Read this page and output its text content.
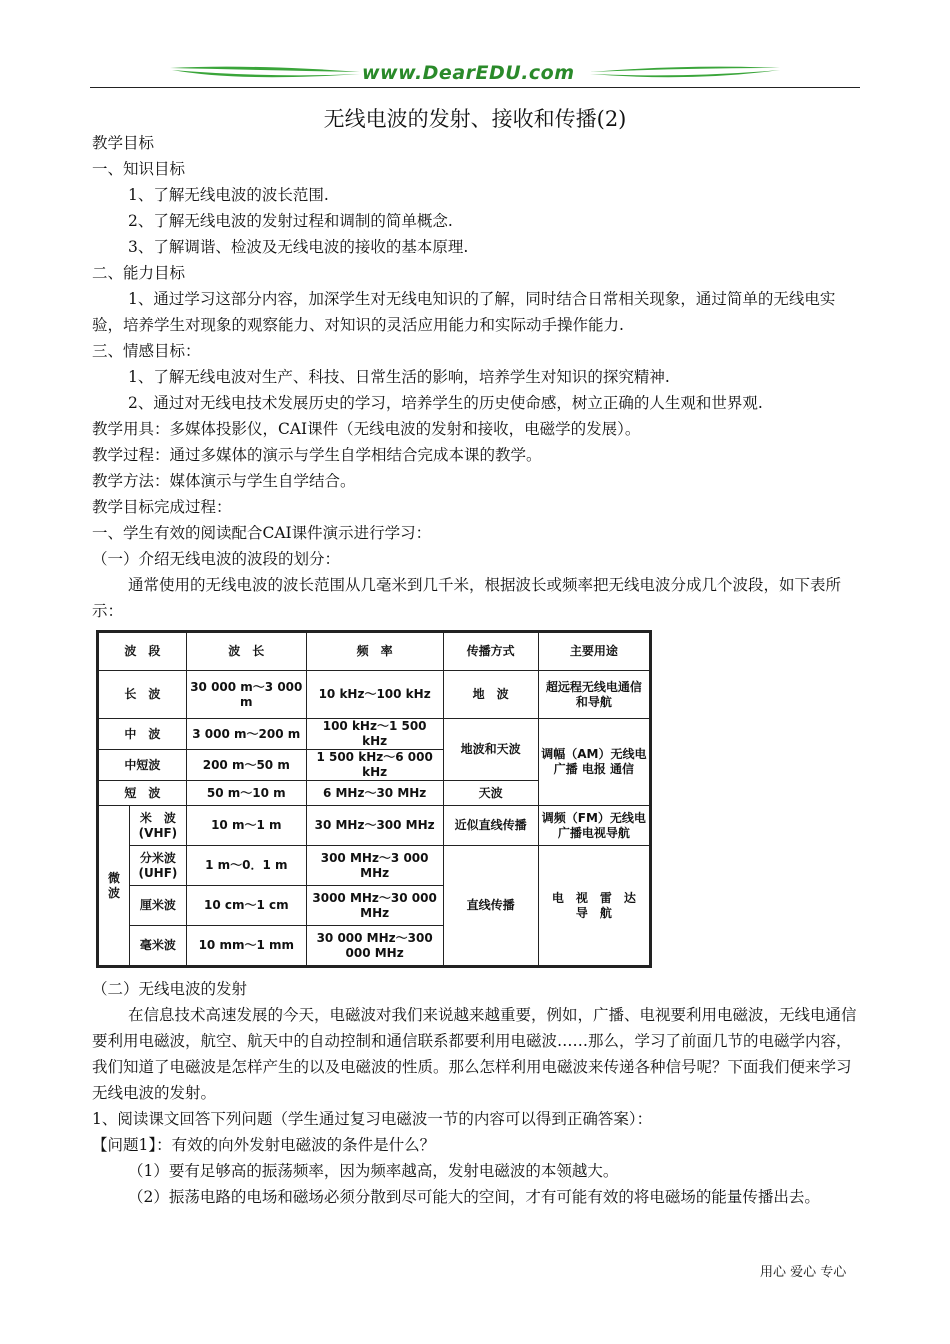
www.DearEDU.com
无线电波的发射、接收和传播(2)

教学目标

一、知识目标

1、了解无线电波的波长范围.

2、了解无线电波的发射过程和调制的简单概念.

3、了解调谐、检波及无线电波的接收的基本原理.

二、能力目标

1、通过学习这部分内容，加深学生对无线电知识的了解，同时结合日常相关现象，通过简单的无线电实验，培养学生对现象的观察能力、对知识的灵活应用能力和实际动手操作能力.

三、情感目标：

1、了解无线电波对生产、科技、日常生活的影响，培养学生对知识的探究精神.

2、通过对无线电技术发展历史的学习，培养学生的历史使命感，树立正确的人生观和世界观.

教学用具：多媒体投影仪，CAI课件（无线电波的发射和接收，电磁学的发展）。

教学过程：通过多媒体的演示与学生自学相结合完成本课的教学。

教学方法：媒体演示与学生自学结合。

教学目标完成过程：

一、学生有效的阅读配合CAI课件演示进行学习：

（一）介绍无线电波的波段的划分：

通常使用的无线电波的波长范围从几毫米到几千米，根据波长或频率把无线电波分成几个波段，如下表所示：

波　段		波　长	频　率	传播方式	主要用途
长　波		30 000 m～3 000 m	10 kHz～100 kHz	地　波	超远程无线电通信和导航
中　波		3 000 m～200 m	100 kHz～1 500 kHz	地波和天波	调幅（AM）无线电广播 电报 通信
中短波		200 m～50 m	1 500 kHz～6 000 kHz		
短　波		50 m～10 m	6 MHz～30 MHz	天波	
微　波	米　波(VHF)	10 m～1 m	30 MHz～300 MHz	近似直线传播	调频（FM）无线电广播电视导航
	分米波(UHF)	1 m～0．1 m	300 MHz～3 000 MHz	直线传播	电　视　雷　达　导　航
	厘米波	10 cm～1 cm	3000 MHz～30 000 MHz		
	毫米波	10 mm～1 mm	30 000 MHz～300 000 MHz		

（二）无线电波的发射

在信息技术高速发展的今天，电磁波对我们来说越来越重要，例如，广播、电视要利用电磁波，无线电通信要利用电磁波，航空、航天中的自动控制和通信联系都要利用电磁波……那么，学习了前面几节的电磁学内容，我们知道了电磁波是怎样产生的以及电磁波的性质。那么怎样利用电磁波来传递各种信号呢？下面我们便来学习无线电波的发射。

1、阅读课文回答下列问题（学生通过复习电磁波一节的内容可以得到正确答案）：

【问题1】：有效的向外发射电磁波的条件是什么？

（1）要有足够高的振荡频率，因为频率越高，发射电磁波的本领越大。

（2）振荡电路的电场和磁场必须分散到尽可能大的空间，才有可能有效的将电磁场的能量传播出去。

用心 爱心 专心
